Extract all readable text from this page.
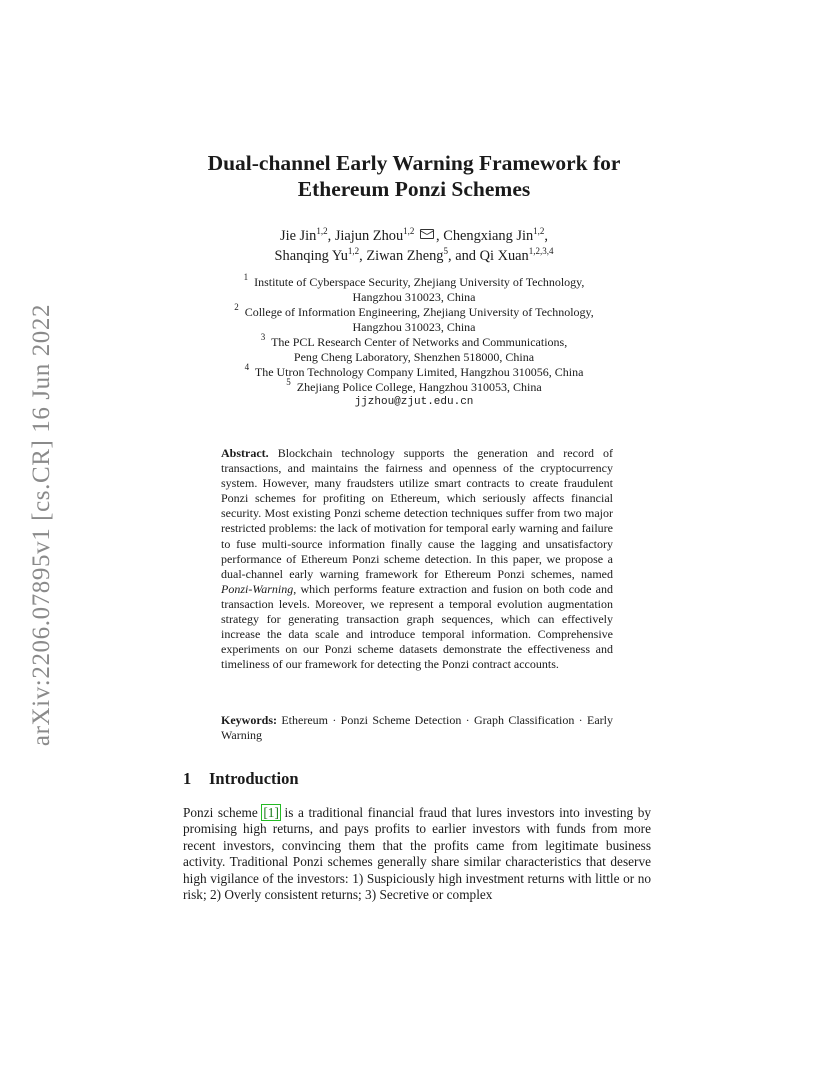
arXiv:2206.07895v1 [cs.CR] 16 Jun 2022
Dual-channel Early Warning Framework for
Ethereum Ponzi Schemes
Jie Jin$^{1,2}$, Jiajun Zhou$^{1,2}$ , Chengxiang Jin$^{1,2}$,
Shanqing Yu$^{1,2}$, Ziwan Zheng$^5$, and Qi Xuan$^{1,2,3,4}$
$^1$ Institute of Cyberspace Security, Zhejiang University of Technology,
Hangzhou 310023, China
$^2$ College of Information Engineering, Zhejiang University of Technology,
Hangzhou 310023, China
$^3$ The PCL Research Center of Networks and Communications,
Peng Cheng Laboratory, Shenzhen 518000, China
$^4$ The Utron Technology Company Limited, Hangzhou 310056, China
$^5$ Zhejiang Police College, Hangzhou 310053, China
jjzhou@zjut.edu.cn

Abstract. Blockchain technology supports the generation and record of transactions, and maintains the fairness and openness of the cryptocurrency system. However, many fraudsters utilize smart contracts to create fraudulent Ponzi schemes for profiting on Ethereum, which seriously affects financial security. Most existing Ponzi scheme detection techniques suffer from two major restricted problems: the lack of motivation for temporal early warning and failure to fuse multi-source information finally cause the lagging and unsatisfactory performance of Ethereum Ponzi scheme detection. In this paper, we propose a dual-channel early warning framework for Ethereum Ponzi schemes, named Ponzi-Warning, which performs feature extraction and fusion on both code and transaction levels. Moreover, we represent a temporal evolution augmentation strategy for generating transaction graph sequences, which can effectively increase the data scale and introduce temporal information. Comprehensive experiments on our Ponzi scheme datasets demonstrate the effectiveness and timeliness of our framework for detecting the Ponzi contract accounts.

Keywords: Ethereum · Ponzi Scheme Detection · Graph Classification · Early Warning

1 Introduction

Ponzi scheme [1] is a traditional financial fraud that lures investors into investing by promising high returns, and pays profits to earlier investors with funds from more recent investors, convincing them that the profits came from legitimate business activity. Traditional Ponzi schemes generally share similar characteristics that deserve high vigilance of the investors: 1) Suspiciously high investment returns with little or no risk; 2) Overly consistent returns; 3) Secretive or complex
